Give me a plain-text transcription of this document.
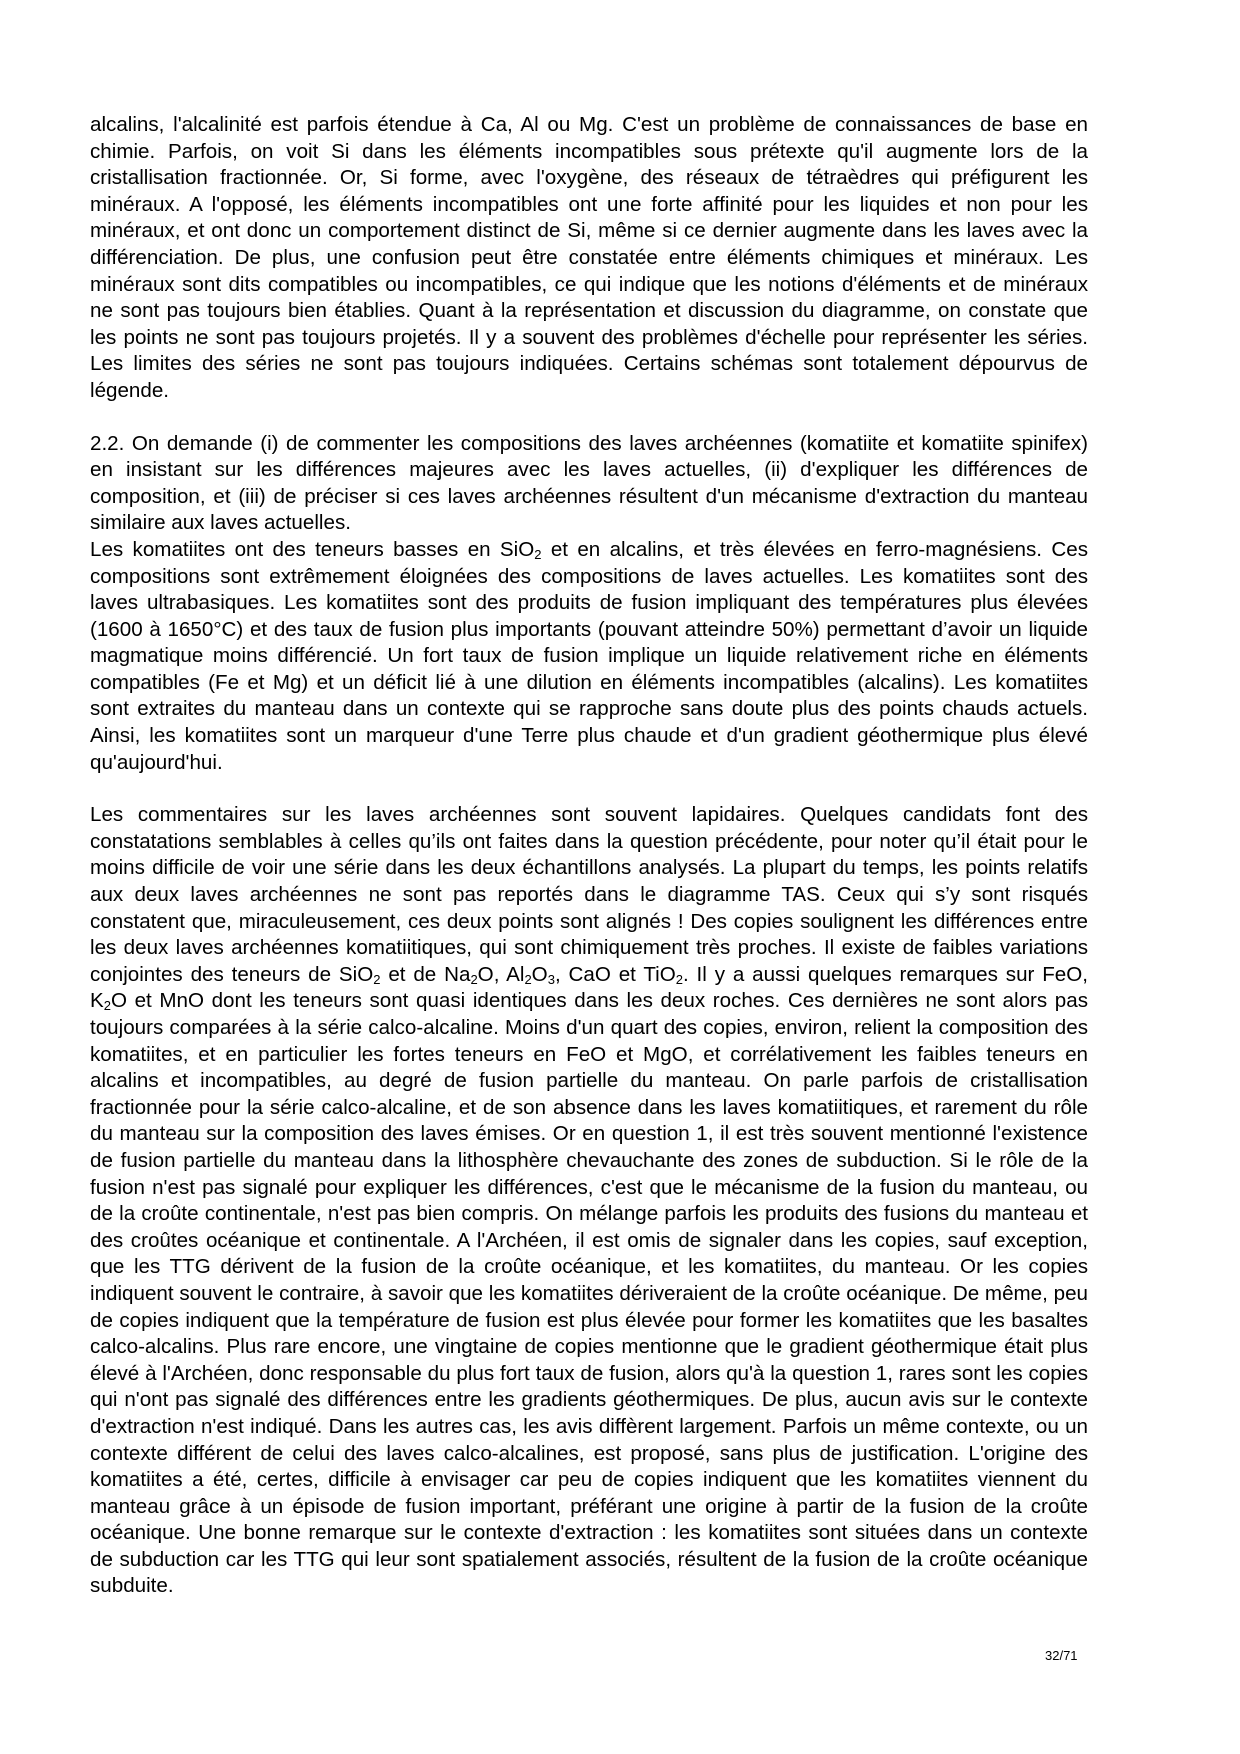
alcalins, l'alcalinité est parfois étendue à Ca, Al ou Mg. C'est un problème de connaissances de base en chimie. Parfois, on voit Si dans les éléments incompatibles sous prétexte qu'il augmente lors de la cristallisation fractionnée. Or, Si forme, avec l'oxygène, des réseaux de tétraèdres qui préfigurent les minéraux. A l'opposé, les éléments incompatibles ont une forte affinité pour les liquides et non pour les minéraux, et ont donc un comportement distinct de Si, même si ce dernier augmente dans les laves avec la différenciation. De plus, une confusion peut être constatée entre éléments chimiques et minéraux. Les minéraux sont dits compatibles ou incompatibles, ce qui indique que les notions d'éléments et de minéraux ne sont pas toujours bien établies. Quant à la représentation et discussion du diagramme, on constate que les points ne sont pas toujours projetés. Il y a souvent des problèmes d'échelle pour représenter les séries. Les limites des séries ne sont pas toujours indiquées. Certains schémas sont totalement dépourvus de légende.

2.2. On demande (i) de commenter les compositions des laves archéennes (komatiite et komatiite spinifex) en insistant sur les différences majeures avec les laves actuelles, (ii) d'expliquer les différences de composition, et (iii) de préciser si ces laves archéennes résultent d'un mécanisme d'extraction du manteau similaire aux laves actuelles.

Les komatiites ont des teneurs basses en SiO$_2$ et en alcalins, et très élevées en ferro-magnésiens. Ces compositions sont extrêmement éloignées des compositions de laves actuelles. Les komatiites sont des laves ultrabasiques. Les komatiites sont des produits de fusion impliquant des températures plus élevées (1600 à 1650°C) et des taux de fusion plus importants (pouvant atteindre 50%) permettant d’avoir un liquide magmatique moins différencié. Un fort taux de fusion implique un liquide relativement riche en éléments compatibles (Fe et Mg) et un déficit lié à une dilution en éléments incompatibles (alcalins). Les komatiites sont extraites du manteau dans un contexte qui se rapproche sans doute plus des points chauds actuels. Ainsi, les komatiites sont un marqueur d'une Terre plus chaude et d'un gradient géothermique plus élevé qu'aujourd'hui.

Les commentaires sur les laves archéennes sont souvent lapidaires. Quelques candidats font des constatations semblables à celles qu’ils ont faites dans la question précédente, pour noter qu’il était pour le moins difficile de voir une série dans les deux échantillons analysés. La plupart du temps, les points relatifs aux deux laves archéennes ne sont pas reportés dans le diagramme TAS. Ceux qui s’y sont risqués constatent que, miraculeusement, ces deux points sont alignés ! Des copies soulignent les différences entre les deux laves archéennes komatiitiques, qui sont chimiquement très proches. Il existe de faibles variations conjointes des teneurs de SiO$_2$ et de $Na_2O$, $Al_2O_3$, CaO et TiO$_2$. Il y a aussi quelques remarques sur FeO, $K_2O$ et MnO dont les teneurs sont quasi identiques dans les deux roches. Ces dernières ne sont alors pas toujours comparées à la série calco-alcaline. Moins d'un quart des copies, environ, relient la composition des komatiites, et en particulier les fortes teneurs en FeO et MgO, et corrélativement les faibles teneurs en alcalins et incompatibles, au degré de fusion partielle du manteau. On parle parfois de cristallisation fractionnée pour la série calco-alcaline, et de son absence dans les laves komatiitiques, et rarement du rôle du manteau sur la composition des laves émises. Or en question 1, il est très souvent mentionné l'existence de fusion partielle du manteau dans la lithosphère chevauchante des zones de subduction. Si le rôle de la fusion n'est pas signalé pour expliquer les différences, c'est que le mécanisme de la fusion du manteau, ou de la croûte continentale, n'est pas bien compris. On mélange parfois les produits des fusions du manteau et des croûtes océanique et continentale. A l'Archéen, il est omis de signaler dans les copies, sauf exception, que les TTG dérivent de la fusion de la croûte océanique, et les komatiites, du manteau. Or les copies indiquent souvent le contraire, à savoir que les komatiites dériveraient de la croûte océanique. De même, peu de copies indiquent que la température de fusion est plus élevée pour former les komatiites que les basaltes calco-alcalins. Plus rare encore, une vingtaine de copies mentionne que le gradient géothermique était plus élevé à l'Archéen, donc responsable du plus fort taux de fusion, alors qu'à la question 1, rares sont les copies qui n'ont pas signalé des différences entre les gradients géothermiques. De plus, aucun avis sur le contexte d'extraction n'est indiqué. Dans les autres cas, les avis diffèrent largement. Parfois un même contexte, ou un contexte différent de celui des laves calco-alcalines, est proposé, sans plus de justification. L'origine des komatiites a été, certes, difficile à envisager car peu de copies indiquent que les komatiites viennent du manteau grâce à un épisode de fusion important, préférant une origine à partir de la fusion de la croûte océanique. Une bonne remarque sur le contexte d'extraction : les komatiites sont situées dans un contexte de subduction car les TTG qui leur sont spatialement associés, résultent de la fusion de la croûte océanique subduite.

32/71
